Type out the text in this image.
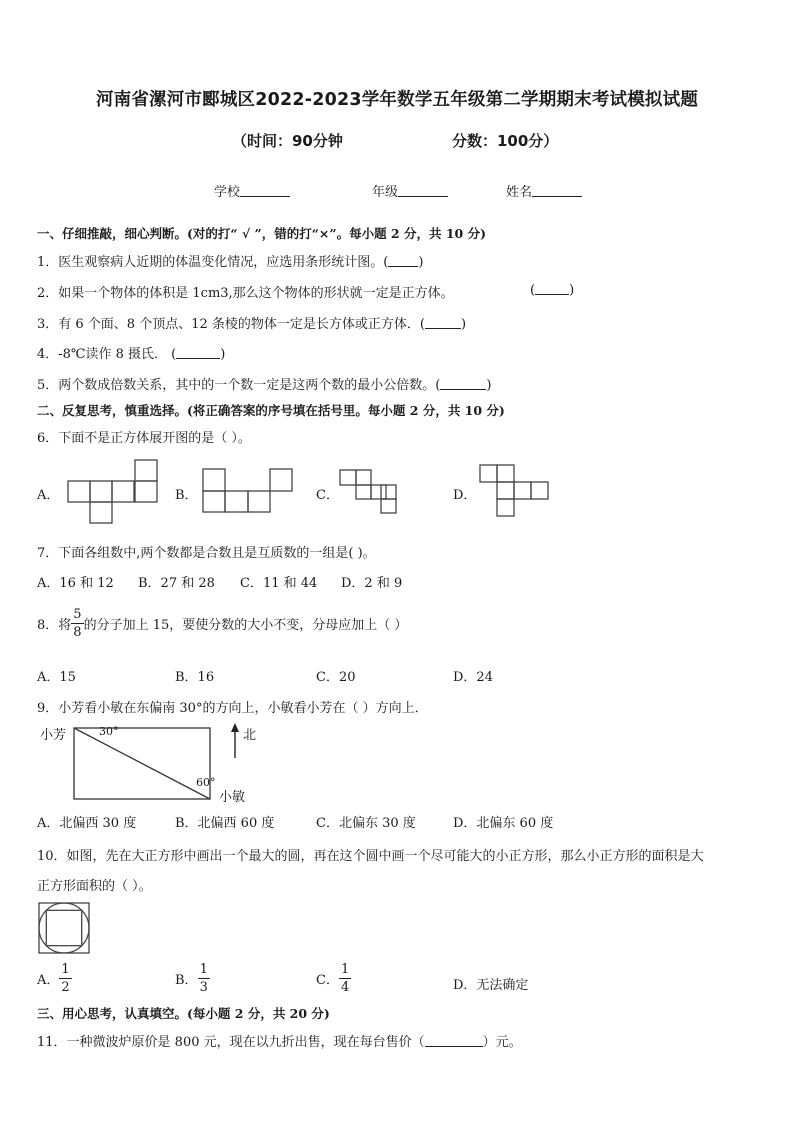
河南省漯河市郾城区2022-2023学年数学五年级第二学期期末考试模拟试题
（时间：90分钟	分数：100分）
学校	年级	姓名
一、仔细推敲，细心判断。(对的打“ √ ”，错的打“×”。每小题 2 分，共 10 分)
1．医生观察病人近期的体温变化情况，应选用条形统计图。( )
2．如果一个物体的体积是 1cm3,那么这个物体的形状就一定是正方体。	(	)
3．有 6 个面、8 个顶点、12 条棱的物体一定是长方体或正方体．(	)
4．-8℃读作 8 摄氏． (	)
5．两个数成倍数关系，其中的一个数一定是这两个数的最小公倍数。(	)
二、反复思考，慎重选择。(将正确答案的序号填在括号里。每小题 2 分，共 10 分)
6．下面不是正方体展开图的是（ ）。
A．	B．	C．	D．
7．下面各组数中,两个数都是合数且是互质数的一组是( )。
A．16 和 12 B．27 和 28 C．11 和 44 D．2 和 9
8．将 $\frac{5}{8}$ 的分子加上 15，要使分数的大小不变，分母应加上（ ）
A．15	B．16	C．20	D．24
9．小芳看小敏在东偏南 30°的方向上，小敏看小芳在（ ）方向上．
小芳	30°
60°
北
小敏
A．北偏西 30 度	B．北偏西 60 度	C．北偏东 30 度	D．北偏东 60 度
10．如图，先在大正方形中画出一个最大的圆，再在这个圆中画一个尽可能大的小正方形，那么小正方形的面积是大
正方形面积的（ ）。
A． $\frac{1}{2}$	B． $\frac{1}{3}$	C． $\frac{1}{4}$	D．无法确定
三、用心思考，认真填空。(每小题 2 分，共 20 分)
11．一种微波炉原价是 800 元，现在以九折出售，现在每台售价（	）元。
